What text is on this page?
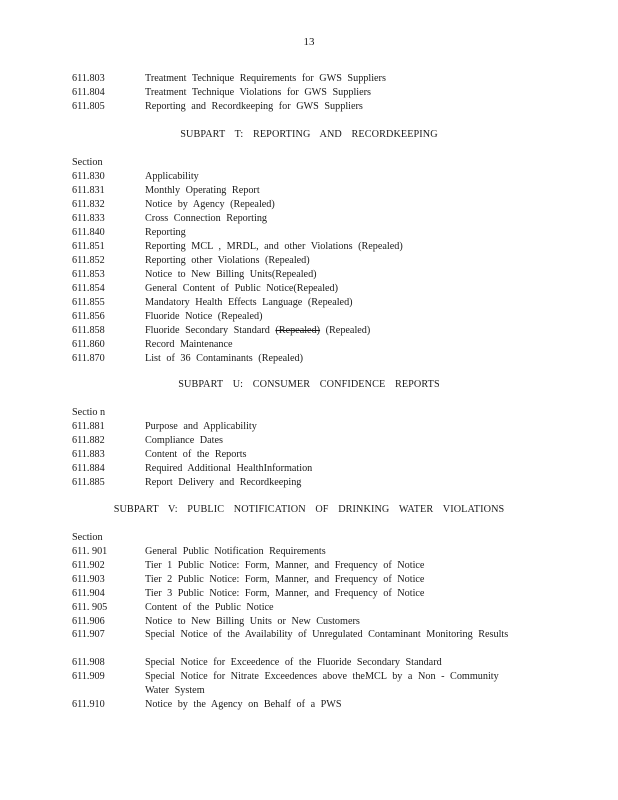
13
611.803	Treatment Technique Requirements for GWS Suppliers
611.804	Treatment Technique Violations for GWS Suppliers
611.805	Reporting and Recordkeeping for GWS Suppliers
SUBPART T: REPORTING AND RECORDKEEPING
Section
611.830	Applicability
611.831	Monthly Operating Report
611.832	Notice by Agency (Repealed)
611.833	Cross Connection Reporting
611.840	Reporting
611.851	Reporting MCL , MRDL, and other Violations (Repealed)
611.852	Reporting other Violations (Repealed)
611.853	Notice to New Billing Units(Repealed)
611.854	General Content of Public Notice(Repealed)
611.855	Mandatory Health Effects Language (Repealed)
611.856	Fluoride Notice (Repealed)
611.858	Fluoride Secondary Standard (Repealed) (Repealed)
611.860	Record Maintenance
611.870	List of 36 Contaminants (Repealed)
SUBPART U: CONSUMER CONFIDENCE REPORTS
Sectio n
611.881	Purpose and Applicability
611.882	Compliance Dates
611.883	Content of the Reports
611.884	Required Additional HealthInformation
611.885	Report Delivery and Recordkeeping
SUBPART V: PUBLIC NOTIFICATION OF DRINKING WATER VIOLATIONS
Section
611. 901	General Public Notification Requirements
611.902	Tier 1 Public Notice: Form, Manner, and Frequency of Notice
611.903	Tier 2 Public Notice: Form, Manner, and Frequency of Notice
611.904	Tier 3 Public Notice: Form, Manner, and Frequency of Notice
611. 905	Content of the Public Notice
611.906	Notice to New Billing Units or New Customers
611.907	Special Notice of the Availability of Unregulated Contaminant Monitoring Results
611.908	Special Notice for Exceedence of the Fluoride Secondary Standard
611.909	Special Notice for Nitrate Exceedences above theMCL by a Non - Community Water System
611.910	Notice by the Agency on Behalf of a PWS
